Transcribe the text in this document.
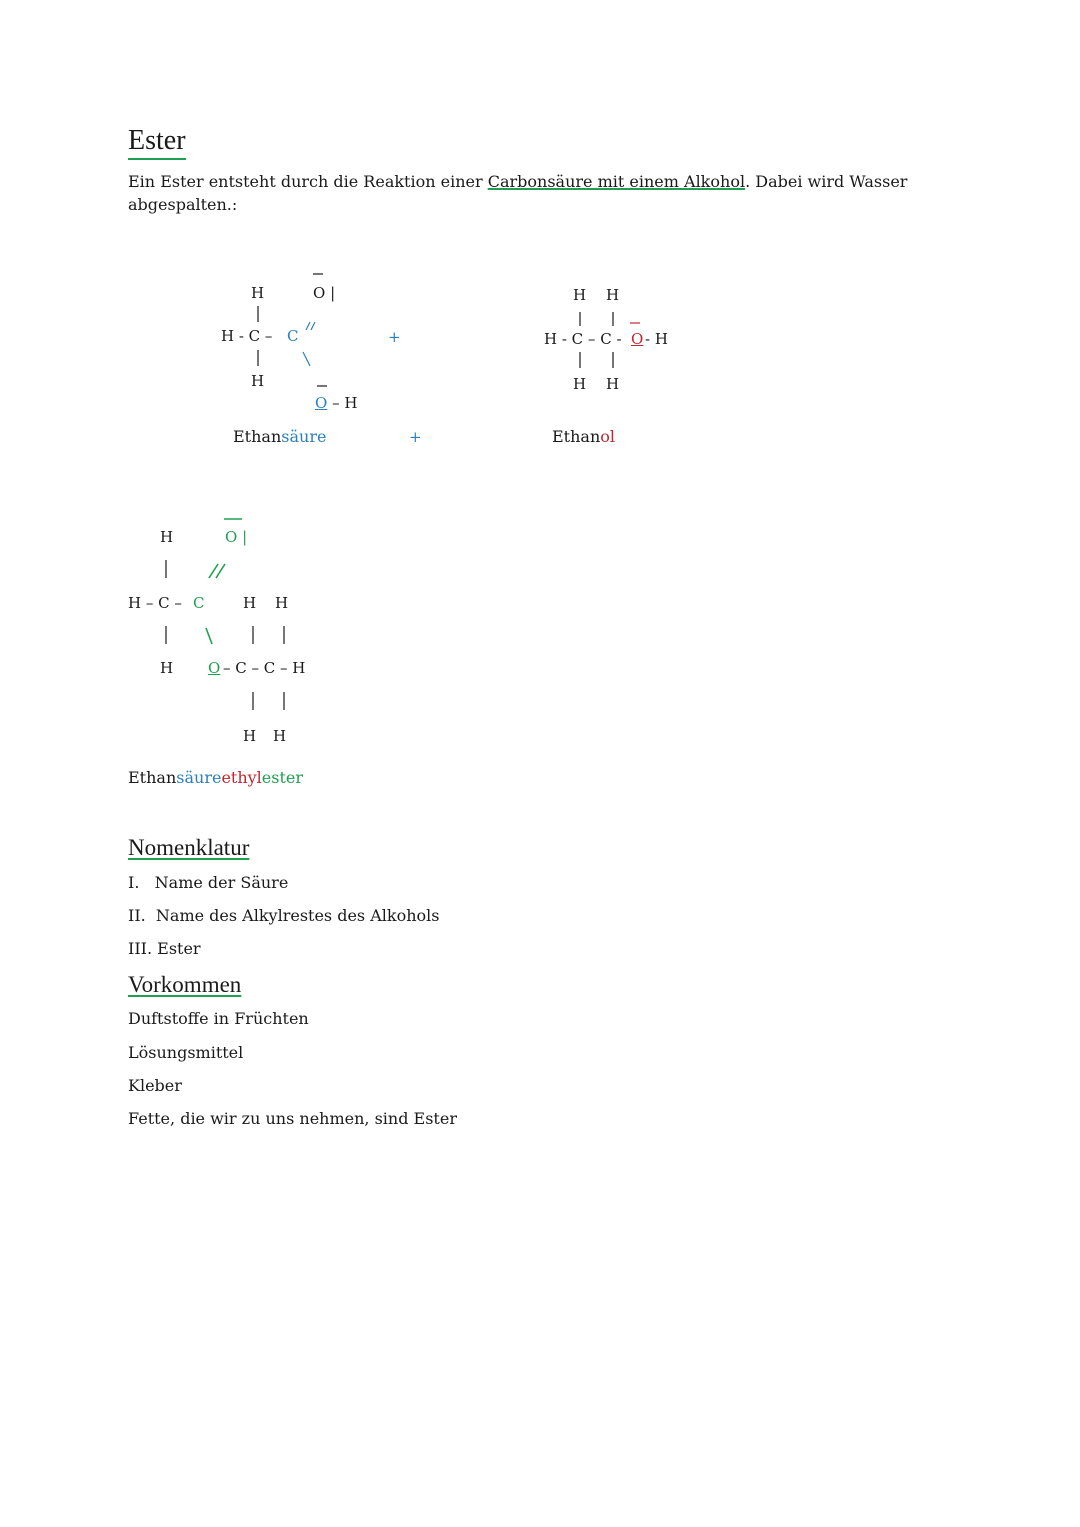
Ester

Ein Ester entsteht durch die Reaktion einer Carbonsäure mit einem Alkohol. Dabei wird Wasser abgespalten.:

H
H - C – C
H
O |
O – H
Ethansäure
+
+
H H
H - C – C - O - H
H H
Ethanol
H	O |
H – C – C	H H
H O – C – C – H
H H
Ethansäureethylester
Nomenklatur
I.   Name der Säure
II.  Name des Alkylrestes des Alkohols
III. Ester
Vorkommen
Duftstoffe in Früchten
Lösungsmittel
Kleber
Fette, die wir zu uns nehmen, sind Ester
